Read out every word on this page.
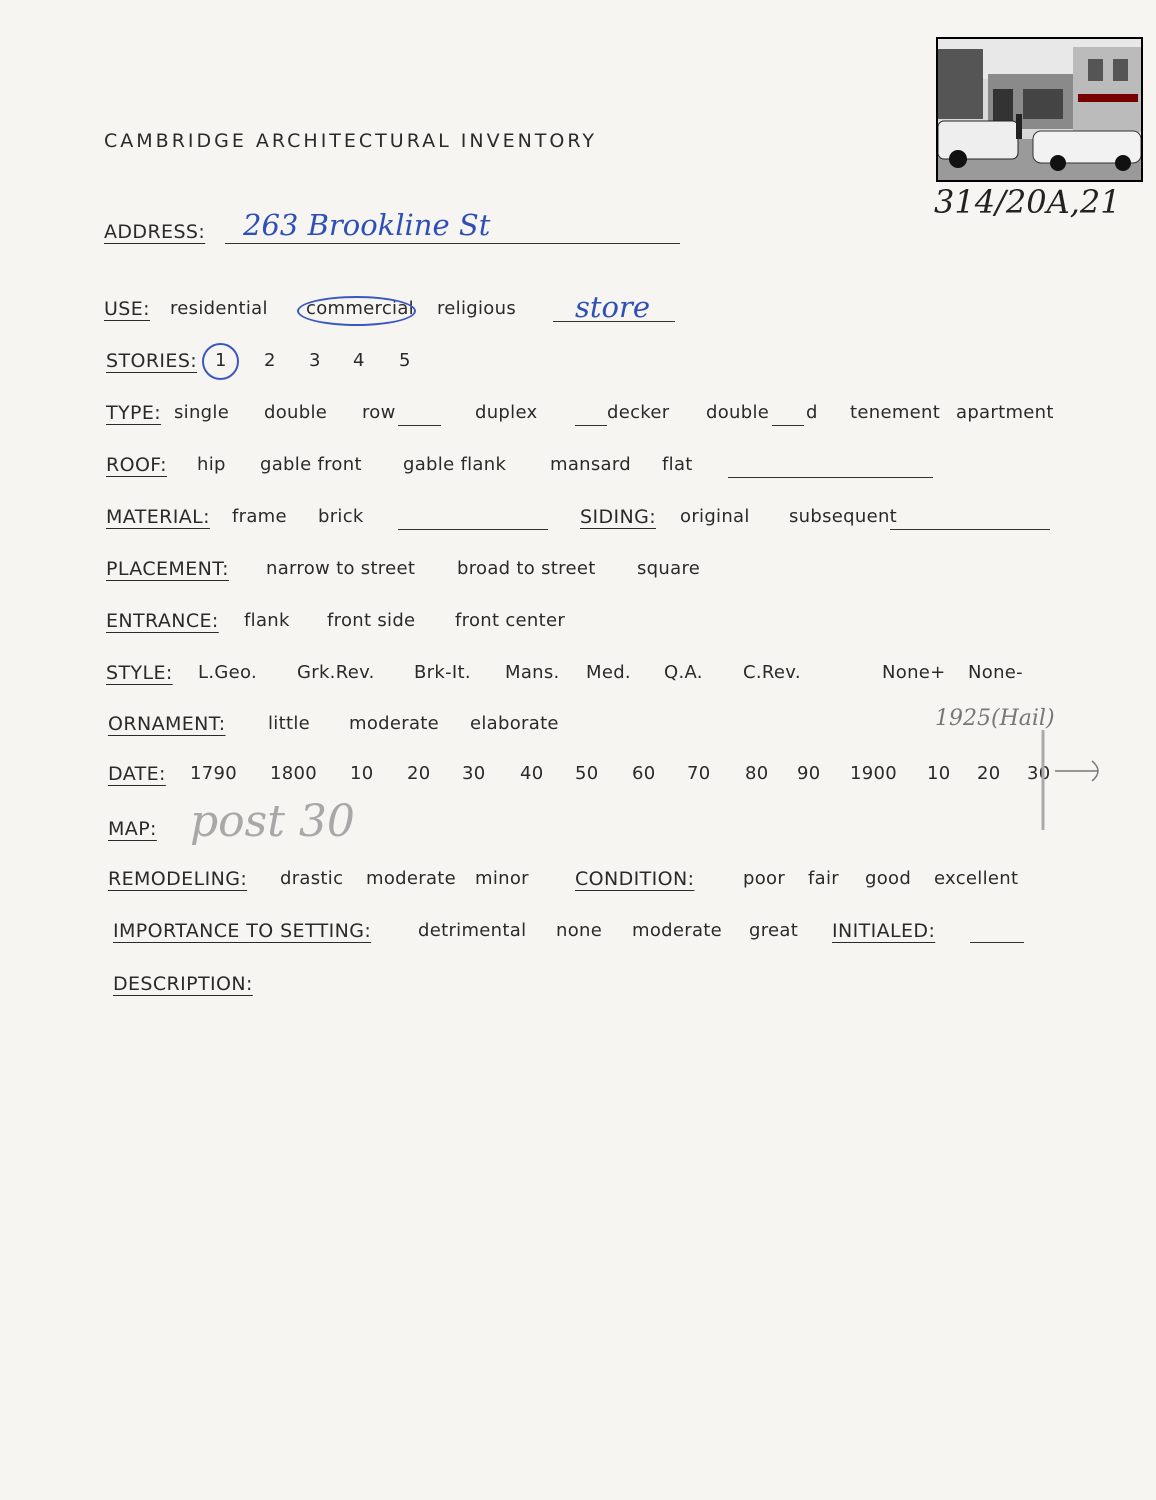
314/20A,21
CAMBRIDGE ARCHITECTURAL INVENTORY
ADDRESS: 263 Brookline St
USE: residential commercial religious store
STORIES: 1 2 3 4 5
TYPE: single double row	duplex	decker double d tenement apartment
ROOF: hip gable front gable flank mansard flat
MATERIAL: frame brick	SIDING: original subsequent
PLACEMENT: narrow to street broad to street square
ENTRANCE: flank front side front center
STYLE: L.Geo. Grk.Rev. Brk-It. Mans. Med. Q.A. C.Rev.	None+ None-
ORNAMENT: little moderate elaborate	1925(Hail)
DATE: 1790 1800 10 20 30 40 50 60 70 80 90 1900 10 20 30
MAP: post 30
REMODELING: drastic moderate minor CONDITION:	poor fair good excellent
IMPORTANCE TO SETTING:	detrimental none moderate great INITIALED:
DESCRIPTION:
